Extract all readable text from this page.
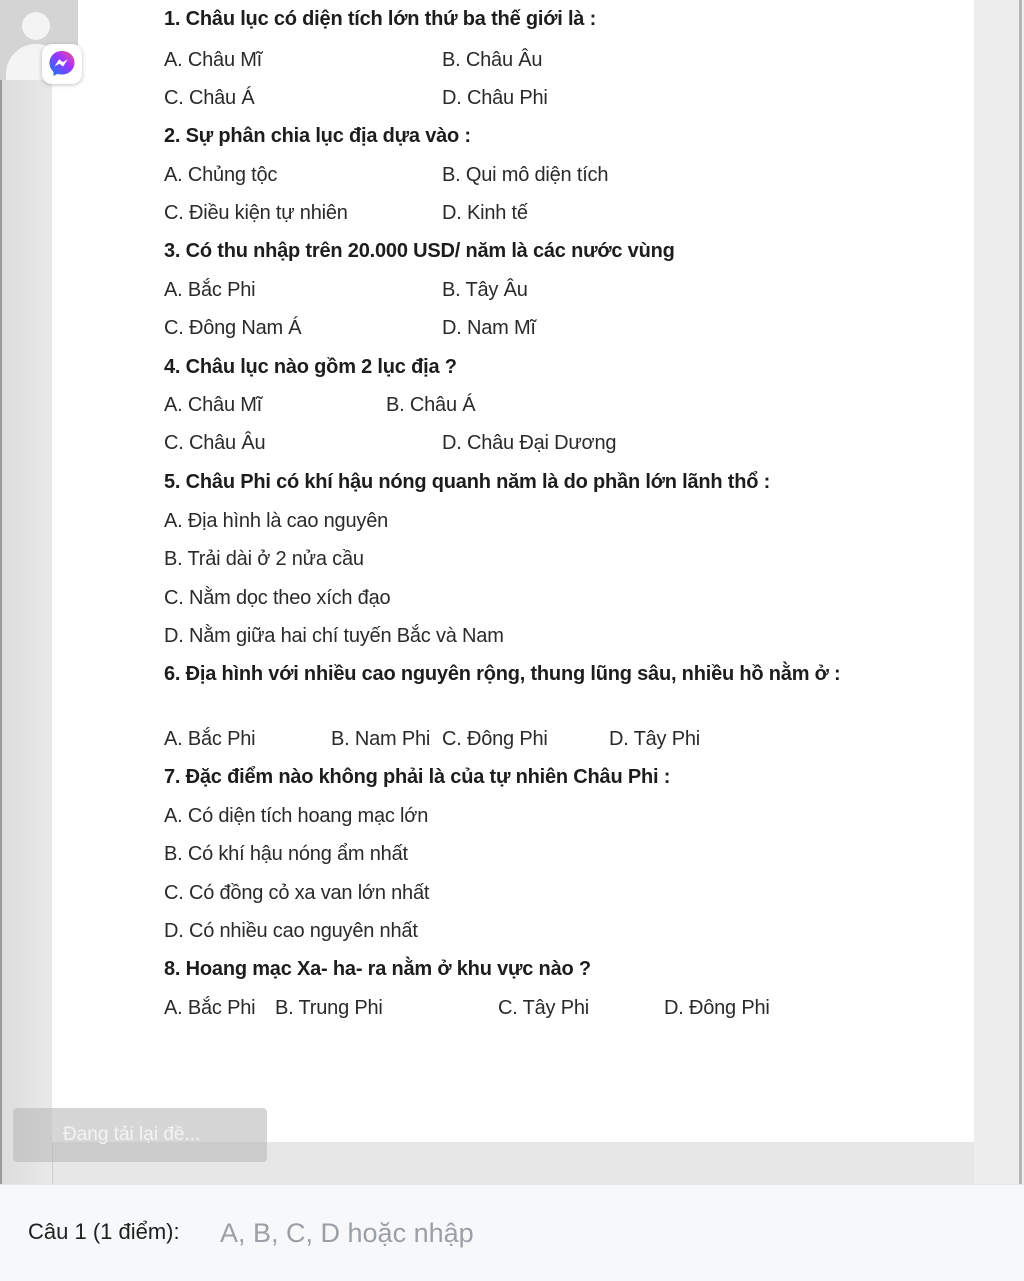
1. Châu lục có diện tích lớn thứ ba thế giới là :
A. Châu Mĩ	B. Châu Âu
C. Châu Á	D. Châu Phi
2. Sự phân chia lục địa dựa vào :
A. Chủng tộc	B. Qui mô diện tích
C. Điều kiện tự nhiên	D. Kinh tế
3. Có thu nhập trên 20.000 USD/ năm là các nước vùng
A. Bắc Phi	B. Tây Âu
C. Đông Nam Á	D. Nam Mĩ
4. Châu lục nào gồm 2 lục địa ?
A. Châu Mĩ	B. Châu Á
C. Châu Âu	D. Châu Đại Dương
5. Châu Phi có khí hậu nóng quanh năm là do phần lớn lãnh thổ :
A. Địa hình là cao nguyên
B. Trải dài ở 2 nửa cầu
C. Nằm dọc theo xích đạo
D. Nằm giữa hai chí tuyến Bắc và Nam
6. Địa hình với nhiều cao nguyên rộng, thung lũng sâu, nhiều hồ nằm ở :
A. Bắc Phi	B. Nam Phi C. Đông Phi	D. Tây Phi
7. Đặc điểm nào không phải là của tự nhiên Châu Phi :
A. Có diện tích hoang mạc lớn
B. Có khí hậu nóng ẩm nhất
C. Có đồng cỏ xa van lớn nhất
D. Có nhiều cao nguyên nhất
8. Hoang mạc Xa- ha- ra nằm ở khu vực nào ?
A. Bắc Phi B. Trung Phi	C. Tây Phi	D. Đông Phi
Đang tải lại đề...
Câu 1 (1 điểm):
A, B, C, D hoặc nhập
